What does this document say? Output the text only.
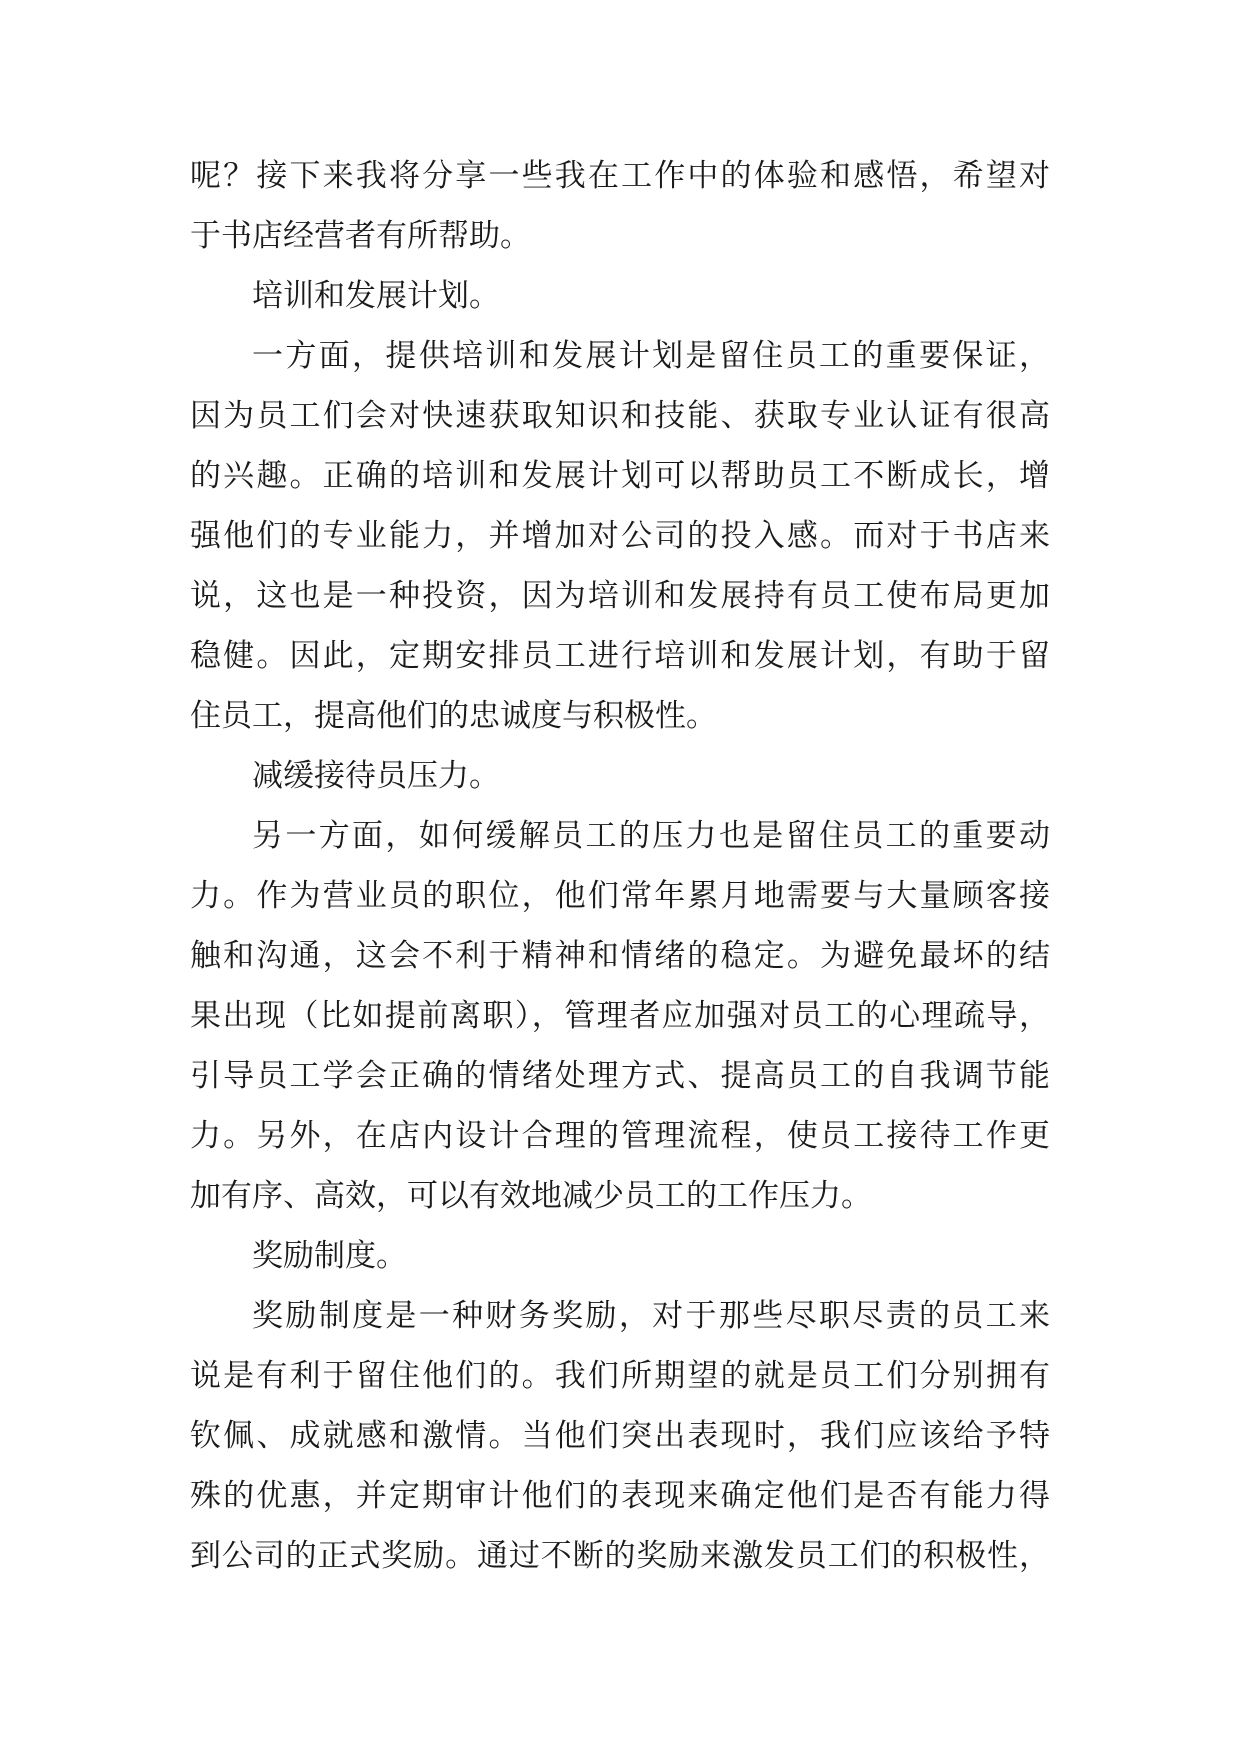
呢？接下来我将分享一些我在工作中的体验和感悟，希望对
于书店经营者有所帮助。
培训和发展计划。
一方面，提供培训和发展计划是留住员工的重要保证，
因为员工们会对快速获取知识和技能、获取专业认证有很高
的兴趣。正确的培训和发展计划可以帮助员工不断成长，增
强他们的专业能力，并增加对公司的投入感。而对于书店来
说，这也是一种投资，因为培训和发展持有员工使布局更加
稳健。因此，定期安排员工进行培训和发展计划，有助于留
住员工，提高他们的忠诚度与积极性。
减缓接待员压力。
另一方面，如何缓解员工的压力也是留住员工的重要动
力。作为营业员的职位，他们常年累月地需要与大量顾客接
触和沟通，这会不利于精神和情绪的稳定。为避免最坏的结
果出现（比如提前离职），管理者应加强对员工的心理疏导，
引导员工学会正确的情绪处理方式、提高员工的自我调节能
力。另外，在店内设计合理的管理流程，使员工接待工作更
加有序、高效，可以有效地减少员工的工作压力。
奖励制度。
奖励制度是一种财务奖励，对于那些尽职尽责的员工来
说是有利于留住他们的。我们所期望的就是员工们分别拥有
钦佩、成就感和激情。当他们突出表现时，我们应该给予特
殊的优惠，并定期审计他们的表现来确定他们是否有能力得
到公司的正式奖励。通过不断的奖励来激发员工们的积极性，
